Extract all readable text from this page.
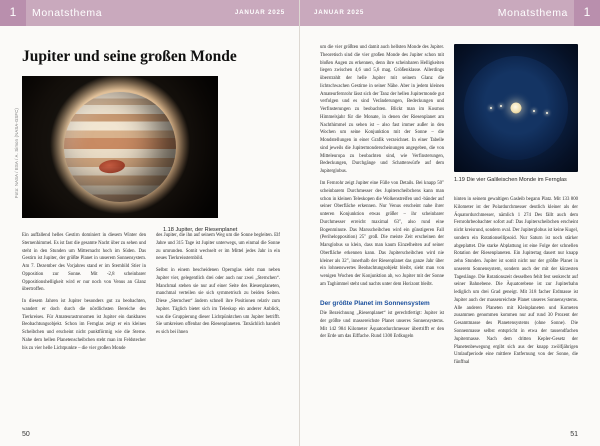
1	Monatsthema	JANUAR 2025
Jupiter und seine großen Monde
Foto: NASA / ESA / A. Simon (NASA-GSFC)
1.18 Jupiter, der Riesenplanet

Ein auffallend helles Gestirn dominiert in diesem Winter den Sternenhimmel. Es ist fast die gesamte Nacht über zu sehen und steht in den Stunden um Mitternacht hoch im Süden. Das Gestirn ist Jupiter, der größte Planet in unserem Sonnensystem. Am 7. Dezember des Vorjahres stand er im Sternbild Stier in Opposition zur Sonne. Mit -2,8 scheinbarer Oppositionshelligkeit wird er nur noch von Venus an Glanz übertroffen.

In diesem Jahren ist Jupiter besonders gut zu beobachten, wandert er doch durch die nördlichsten Bereiche des Tierkreises. Für Amateurastronomen ist Jupiter ein dankbares Beobachtungsobjekt. Schon im Fernglas zeigt er ein kleines Scheibchen und erscheint nicht punktförmig wie die Sterne. Nahe dem hellen Planetenscheibchen steht man im Feldstecher bis zu vier helle Lichtpunkte – die vier großen Monde

des Jupiter, die ihn auf seinem Weg um die Sonne begleiten. Elf Jahre und 315 Tage ist Jupiter unterwegs, um einmal die Sonne zu umrunden. Somit wechselt er im Mittel jedes Jahr in ein neues Tierkreissternbild.

Selbst in einem bescheidenen Opernglas sieht man neben Jupiter vier, gelegentlich drei oder auch nur zwei „Sternchen“. Manchmal stehen sie nur auf einer Seite des Riesenplaneten, manchmal verteilen sie sich symmetrisch zu beiden Seiten. Diese „Sternchen“ ändern schnell ihre Positionen relativ zum Jupiter. Täglich bietet sich im Teleskop ein anderer Anblick, was die Gruppierung dieser Lichtpünktchen um Jupiter betrifft. Sie umkreisen offenbar den Riesenplaneten. Tatsächlich handelt es sich bei ihnen

50
1
Monatsthema
JANUAR 2025
1.19 Die vier Galileischen Monde im Fernglas

um die vier größten und damit auch hellsten Monde des Jupiter. Theoretisch sind die vier großen Monde des Jupiter schon mit bloßen Augen zu erkennen, denn ihre scheinbaren Helligkeiten liegen zwischen 4,6 und 5,6 mag. Größenklasse. Allerdings überstrahlt der helle Jupiter mit seinem Glanz die lichtschwachen Gestirne in seiner Nähe. Aber in jedem kleinen Amateurfernrohr lässt sich der Tanz der hellen Jupitermonde gut verfolgen und es sind Veränderungen, Bedeckungen und Verfinsterungen zu beobachten. Blickt man im Kosmos Himmelsjahr für die Monate, in denen der Riesenplanet am Nachthimmel zu sehen ist – also fast immer außer in den Wochen um seine Konjunktion mit der Sonne – die Mondstellungen in einer Grafik verzeichnet. In einer Tabelle sind jeweils die Jupitermonderscheinungen angegeben, die von Mitteleuropa zu beobachten sind, wie Verfinsterungen, Bedeckungen, Durchgänge und Schattenwürfe auf dem Jupiterglobus.

Im Fernrohr zeigt Jupiter eine Fülle von Details. Bei knapp 50" scheinbarem Durchmesser des Jupiterscheibchens kann man schon in kleinen Teleskopen die Wolkenstreifen und -bänder auf seiner Oberfläche erkennen. Nur Venus erscheint nahe ihrer unteren Konjunktion etwas größer – ihr scheinbarer Durchmesser erreicht maximal 63", also rund eine Bogenminute. Das Marsscheibchen wird ein günstigeren Fall (Perihelopposition) 25" groß. Die meiste Zeit erscheinen der Marsglobus so klein, dass man kaum Einzelheiten auf seiner Oberfläche erkennen kann. Das Jupiterscheibchen wird nie kleiner als 32", innerhalb der Riesenplanet das ganze Jahr über ein lohnenswertes Beobachtungsobjekt bleibt, sieht man von wenigen Wochen der Konjunktion ab, wo Jupiter mit der Sonne am Taghimmel steht und nachts unter dem Horizont bleibt.

Der größte Planet im Sonnensystem

Die Bezeichnung „Riesenplanet“ ist gerechtfertigt: Jupiter ist der größte und massereichste Planet unseres Sonnensystems. Mit 142 984 Kilometer Äquatordurchmesser übertrifft er den der Erde um das Elffache. Rund 1300 Erdkugeln

hinten in seinem gewaltigen Gasleib begann Platz. Mit 133 800 Kilometer ist der Polardurchmesser deutlich kleiner als der Äquatordurchmesser, nämlich 1 274 Des fällt auch dem Fernrohrbeobachter sofort auf: Das Jupiterscheibchen erscheint nicht kreisrund, sondern oval. Der Jupiterglobus ist keine Kugel, sondern ein Rotationsellipsoid. Nur Saturn ist noch stärker abgeplattet. Die starke Abplattung ist eine Folge der schnellen Rotation der Riesenplaneten. Ein Jupitertag dauert nur knapp zehn Stunden. Jupiter ist somit nicht nur der größte Planet in unserem Sonnensystem, sondern auch der mit der kürzesten Tageslänge. Die Rotationszeit desselben fehlt fest senkrecht auf seiner Bahnebene. Die Äquatorebene ist zur Jupiterbahn lediglich um drei Grad geneigt. Mit 318 facher Erdmasse ist Jupiter auch der massenreichste Planet unseres Sonnensystems. Alle anderen Planeten mit Kleinplaneten und Kometen zusammen genommen kommen nur auf rund 30 Prozent der Gesamtmasse des Planetensystems (ohne Sonne). Die Sonnenmasse selbst entspricht in etwa der tausendfachen Jupitermasse. Nach dem dritten Kepler-Gesetz der Planetenbewegung ergibt sich aus der knapp zwölfjährigen Umlaufperiode eine mittlere Entfernung von der Sonne, die fünffnal

51
